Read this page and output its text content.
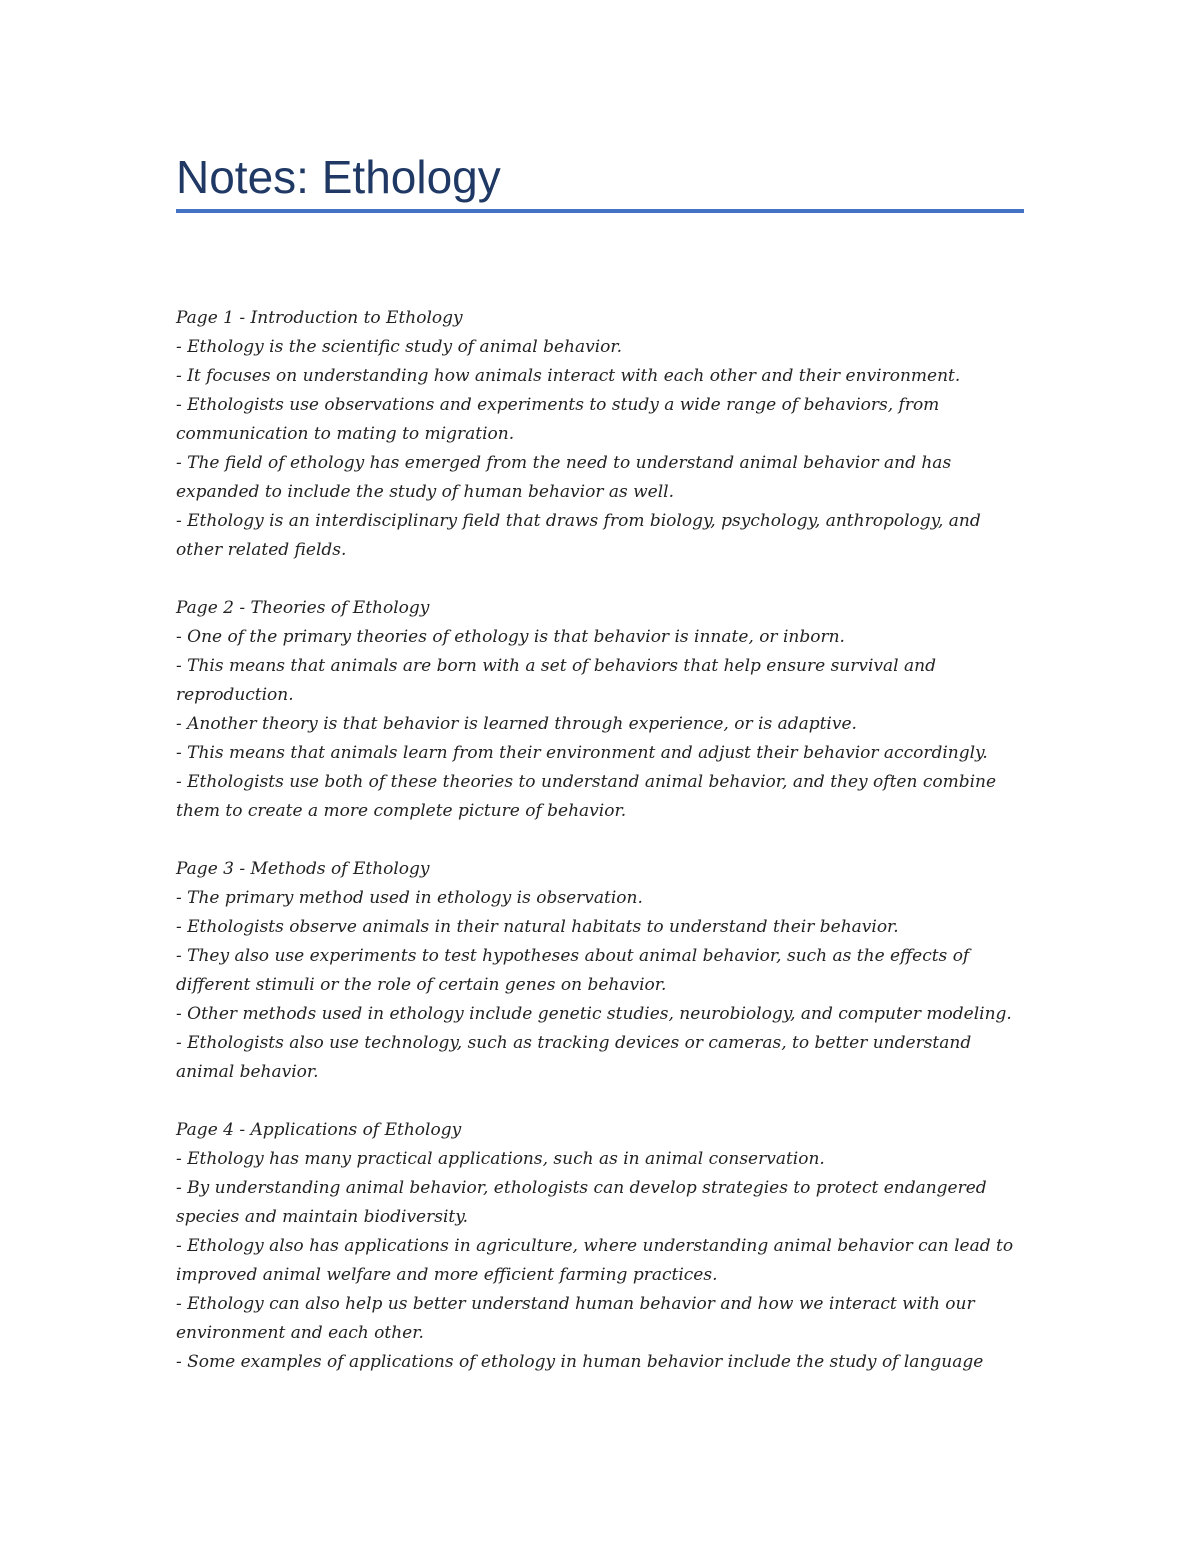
Notes: Ethology

Page 1 - Introduction to Ethology

- Ethology is the scientific study of animal behavior.

- It focuses on understanding how animals interact with each other and their environment.

- Ethologists use observations and experiments to study a wide range of behaviors, from communication to mating to migration.

- The field of ethology has emerged from the need to understand animal behavior and has expanded to include the study of human behavior as well.

- Ethology is an interdisciplinary field that draws from biology, psychology, anthropology, and other related fields.

Page 2 - Theories of Ethology

- One of the primary theories of ethology is that behavior is innate, or inborn.

- This means that animals are born with a set of behaviors that help ensure survival and reproduction.

- Another theory is that behavior is learned through experience, or is adaptive.

- This means that animals learn from their environment and adjust their behavior accordingly.

- Ethologists use both of these theories to understand animal behavior, and they often combine them to create a more complete picture of behavior.

Page 3 - Methods of Ethology

- The primary method used in ethology is observation.

- Ethologists observe animals in their natural habitats to understand their behavior.

- They also use experiments to test hypotheses about animal behavior, such as the effects of different stimuli or the role of certain genes on behavior.

- Other methods used in ethology include genetic studies, neurobiology, and computer modeling.

- Ethologists also use technology, such as tracking devices or cameras, to better understand animal behavior.

Page 4 - Applications of Ethology

- Ethology has many practical applications, such as in animal conservation.

- By understanding animal behavior, ethologists can develop strategies to protect endangered species and maintain biodiversity.

- Ethology also has applications in agriculture, where understanding animal behavior can lead to improved animal welfare and more efficient farming practices.

- Ethology can also help us better understand human behavior and how we interact with our environment and each other.

- Some examples of applications of ethology in human behavior include the study of language
